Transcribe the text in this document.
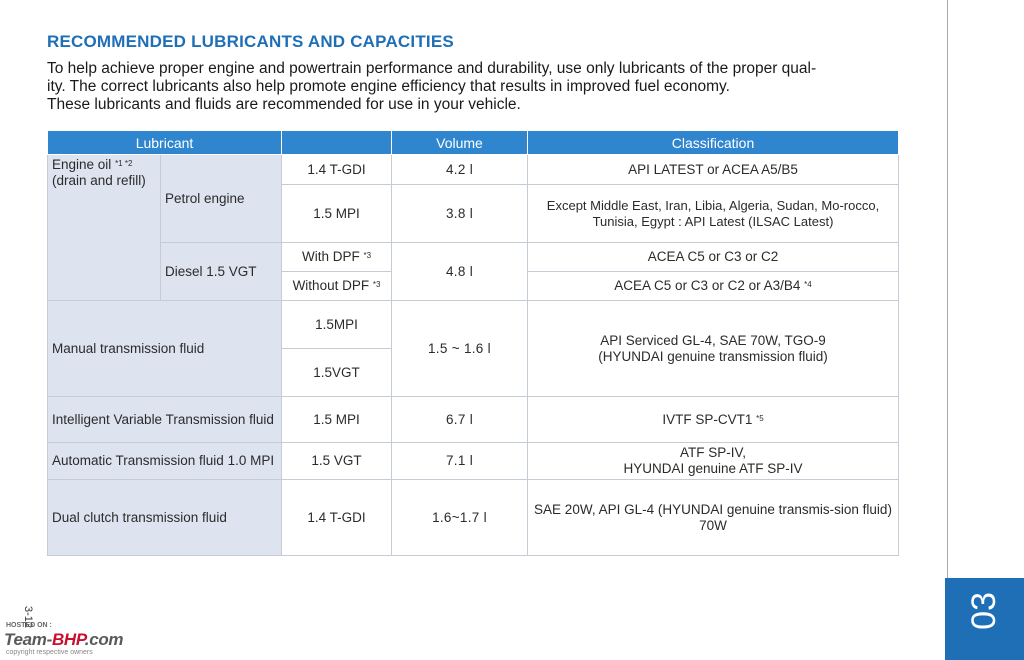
RECOMMENDED LUBRICANTS AND CAPACITIES

To help achieve proper engine and powertrain performance and durability, use only lubricants of the proper qual-

ity. The correct lubricants also help promote engine efficiency that results in improved fuel economy.

These lubricants and fluids are recommended for use in your vehicle.

Lubricant			Volume	Classification
Engine oil $^{*1 *2}$
(drain and refill)	Petrol engine	1.4 T-GDI	4.2 l	API LATEST or ACEA A5/B5
		1.5 MPI	3.8 l	Except Middle East, Iran, Libia, Algeria, Sudan, Mo-rocco, Tunisia, Egypt : API Latest (ILSAC Latest)
	Diesel 1.5 VGT	With DPF $^{*3}$	4.8 l	ACEA C5 or C3 or C2
		Without DPF $^{*3}$		ACEA C5 or C3 or C2 or A3/B4 $^{*4}$

Manual transmission fluid		1.5MPI	1.5 ~ 1.6 l	API Serviced GL-4, SAE 70W, TGO-9
(HYUNDAI genuine transmission fluid)

		1.5VGT		
Intelligent Variable Transmission fluid		1.5 MPI	6.7 l	IVTF SP-CVT1 $^{*5}$
Automatic Transmission fluid 1.0 MPI		1.5 VGT	7.1 l	ATF SP-IV,
HYUNDAI genuine ATF SP-IV

Dual clutch transmission fluid		1.4 T-GDI	1.6~1.7 l	SAE 20W, API GL-4 (HYUNDAI genuine transmis-sion fluid) 70W
03
3-12
HOSTED ON :
Team-BHP.com
copyright respective owners
